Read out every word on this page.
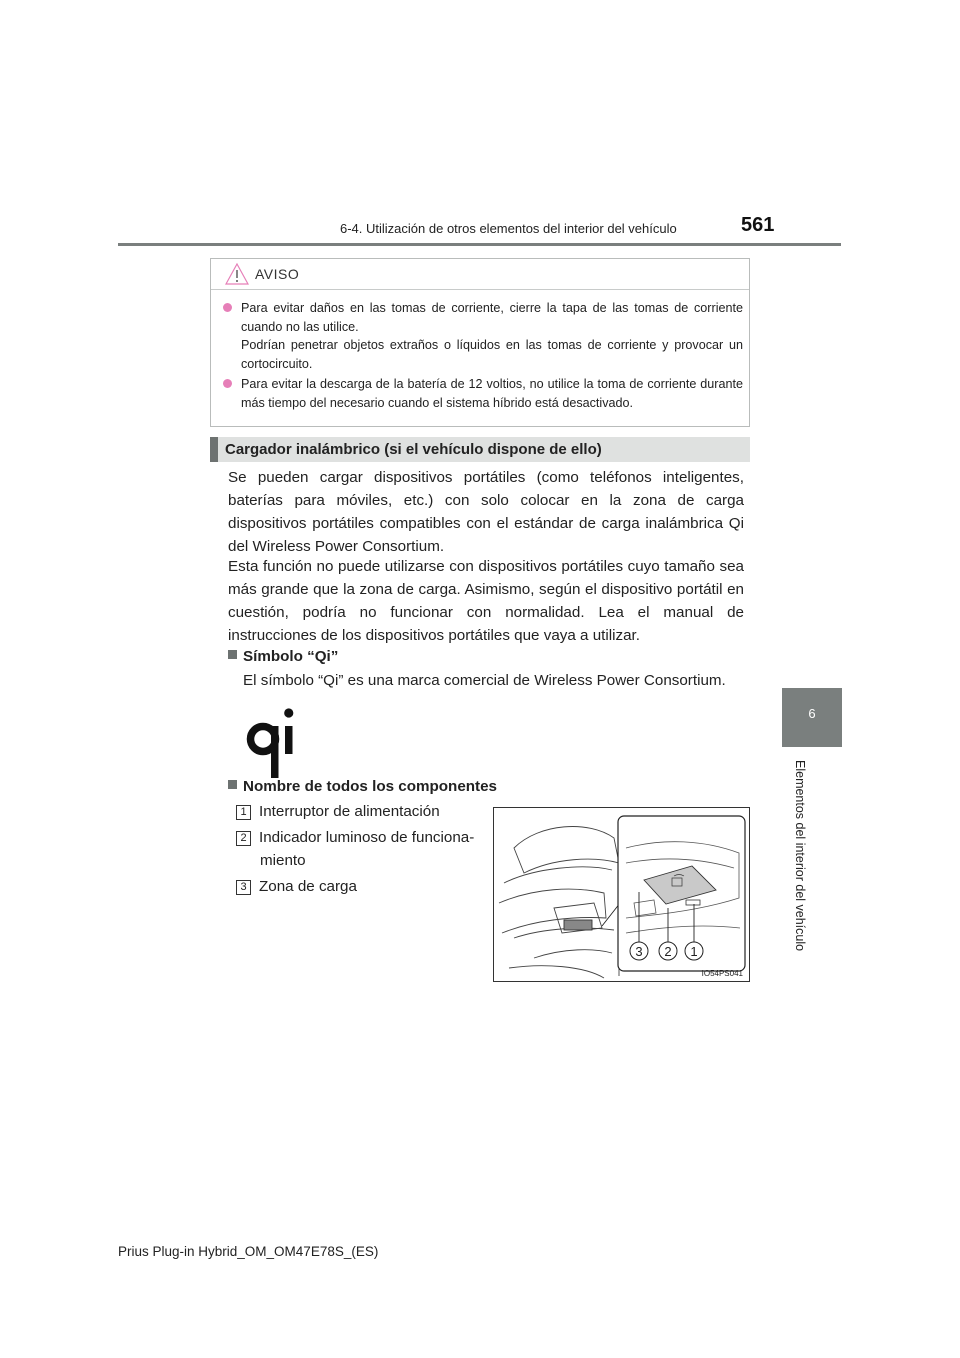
6-4. Utilización de otros elementos del interior del vehículo	561
6
Elementos del interior del vehículo
AVISO
Para evitar daños en las tomas de corriente, cierre la tapa de las tomas de corriente cuando no las utilice.
Podrían penetrar objetos extraños o líquidos en las tomas de corriente y provocar un cortocircuito.
Para evitar la descarga de la batería de 12 voltios, no utilice la toma de corriente durante más tiempo del necesario cuando el sistema híbrido está desactivado.
Cargador inalámbrico (si el vehículo dispone de ello)

Se pueden cargar dispositivos portátiles (como teléfonos inteligentes, baterías para móviles, etc.) con solo colocar en la zona de carga dispositivos portátiles compatibles con el estándar de carga inalámbrica Qi del Wireless Power Consortium.

Esta función no puede utilizarse con dispositivos portátiles cuyo tamaño sea más grande que la zona de carga. Asimismo, según el dispositivo portátil en cuestión, podría no funcionar con normalidad. Lea el manual de instrucciones de los dispositivos portátiles que vaya a utilizar.

Símbolo “Qi”
El símbolo “Qi” es una marca comercial de Wireless Power Consortium.
Nombre de todos los componentes
1 Interruptor de alimentación
2 Indicador luminoso de funciona-
miento
3 Zona de carga
3 2 1
IO54PS041
Prius Plug-in Hybrid_OM_OM47E78S_(ES)
